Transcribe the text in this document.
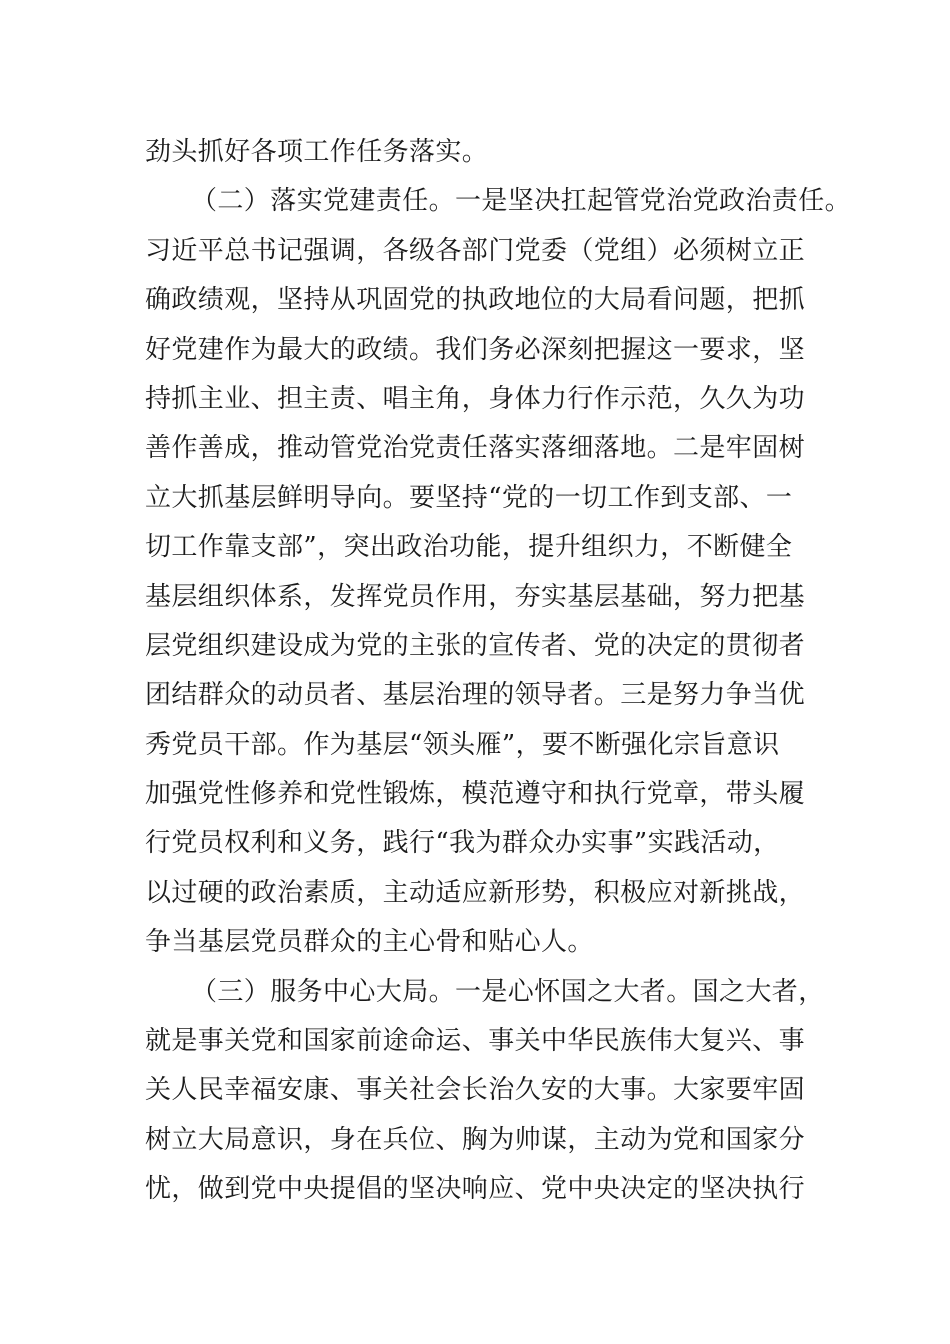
劲头抓好各项工作任务落实。
（二）落实党建责任。一是坚决扛起管党治党政治责任。
习近平总书记强调，各级各部门党委（党组）必须树立正
确政绩观，坚持从巩固党的执政地位的大局看问题，把抓
好党建作为最大的政绩。我们务必深刻把握这一要求，坚
持抓主业、担主责、唱主角，身体力行作示范，久久为功
善作善成，推动管党治党责任落实落细落地。二是牢固树
立大抓基层鲜明导向。要坚持“党的一切工作到支部、一
切工作靠支部”，突出政治功能，提升组织力，不断健全
基层组织体系，发挥党员作用，夯实基层基础，努力把基
层党组织建设成为党的主张的宣传者、党的决定的贯彻者
团结群众的动员者、基层治理的领导者。三是努力争当优
秀党员干部。作为基层“领头雁”，要不断强化宗旨意识
加强党性修养和党性锻炼，模范遵守和执行党章，带头履
行党员权利和义务，践行“我为群众办实事”实践活动，
以过硬的政治素质，主动适应新形势，积极应对新挑战，
争当基层党员群众的主心骨和贴心人。
（三）服务中心大局。一是心怀国之大者。国之大者，
就是事关党和国家前途命运、事关中华民族伟大复兴、事
关人民幸福安康、事关社会长治久安的大事。大家要牢固
树立大局意识，身在兵位、胸为帅谋，主动为党和国家分
忧，做到党中央提倡的坚决响应、党中央决定的坚决执行
